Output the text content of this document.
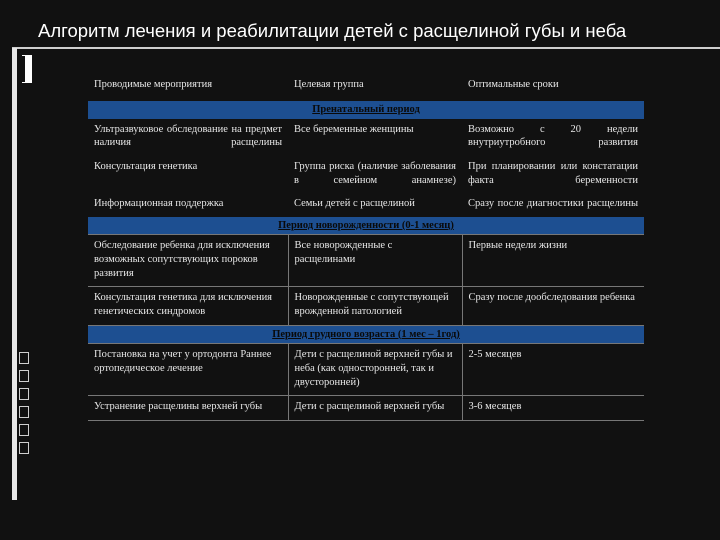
Алгоритм лечения и реабилитации детей с расщелиной губы и неба
Проводимые мероприятия	Целевая группа	Оптимальные сроки
Пренатальный период		
Ультразвуковое обследование на предмет наличия расщелины	Все беременные женщины	Возможно с 20 недели внутриутробного развития
Консультация генетика	Группа риска (наличие заболевания в семейном анамнезе)	При планировании или констатации факта беременности
Информационная поддержка	Семьи детей с расщелиной	Сразу после диагностики расщелины
Период новорожденности (0-1 месяц)		
Обследование ребенка для исключения возможных сопутствующих пороков развития	Все новорожденные с расщелинами	Первые недели жизни
Консультация генетика для исключения генетических синдромов	Новорожденные с сопутствующей врожденной патологией	Сразу после дообследования ребенка
Период грудного возраста (1 мес – 1год)		
Постановка на учет у ортодонта Раннее ортопедическое лечение	Дети с расщелиной верхней губы и неба (как односторонней, так и двусторонней)	2-5 месяцев
Устранение расщелины верхней губы	Дети с расщелиной верхней губы	3-6 месяцев
